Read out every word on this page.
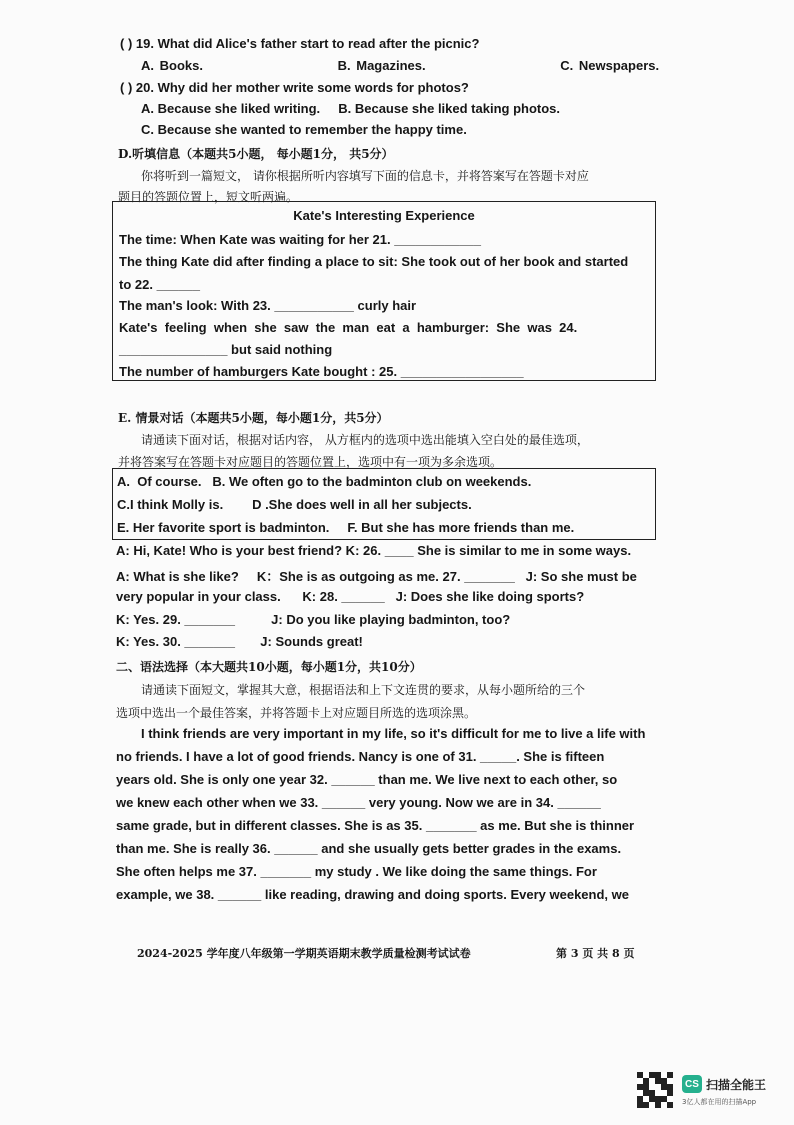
( ) 19. What did Alice's father start to read after the picnic?
A. Books.                        B. Magazines.                        C. Newspapers.
( ) 20. Why did her mother write some words for photos?
A. Because she liked writing.     B. Because she liked taking photos.
C. Because she wanted to remember the happy time.
D.听填信息（本题共5小题， 每小题1分， 共5分）
你将听到一篇短文， 请你根据所听内容填写下面的信息卡，并将答案写在答题卡对应
题目的答题位置上，短文听两遍。
Kate's Interesting Experience
The time: When Kate was waiting for her 21. ____________
The thing Kate did after finding a place to sit: She took out of her book and started
to 22. ______
The man's look: With 23. ___________ curly hair
Kate's  feeling  when  she  saw  the  man  eat  a  hamburger:  She  was  24.
_______________ but said nothing
The number of hamburgers Kate bought : 25. _________________
E. 情景对话（本题共5小题，每小题1分，共5分）
请通读下面对话，根据对话内容， 从方框内的选项中选出能填入空白处的最佳选项，
并将答案写在答题卡对应题目的答题位置上，选项中有一项为多余选项。
A.  Of course.   B. We often go to the badminton club on weekends.
C.I think Molly is.        D .She does well in all her subjects.
E. Her favorite sport is badminton.     F. But she has more friends than me.
A: Hi, Kate! Who is your best friend? K: 26. ____ She is similar to me in some ways.
A: What is she like?     K：She is as outgoing as me. 27. _______   J: So she must be
very popular in your class.      K: 28. ______   J: Does she like doing sports?
K: Yes. 29. _______          J: Do you like playing badminton, too?
K: Yes. 30. _______       J: Sounds great!
二、语法选择（本大题共10小题，每小题1分，共10分）
请通读下面短文，掌握其大意，根据语法和上下文连贯的要求，从每小题所给的三个
选项中选出一个最佳答案，并将答题卡上对应题目所选的选项涂黑。
I think friends are very important in my life, so it's difficult for me to live a life with
no friends. I have a lot of good friends. Nancy is one of 31. _____. She is fifteen
years old. She is only one year 32. ______ than me. We live next to each other, so
we knew each other when we 33. ______ very young. Now we are in 34. ______
same grade, but in different classes. She is as 35. _______ as me. But she is thinner
than me. She is really 36. ______ and she usually gets better grades in the exams.
She often helps me 37. _______ my study . We like doing the same things. For
example, we 38. ______ like reading, drawing and doing sports. Every weekend, we
2024-2025 学年度八年级第一学期英语期末教学质量检测考试试卷	第 3 页 共 8 页
CS 扫描全能王
3亿人都在用的扫描App
